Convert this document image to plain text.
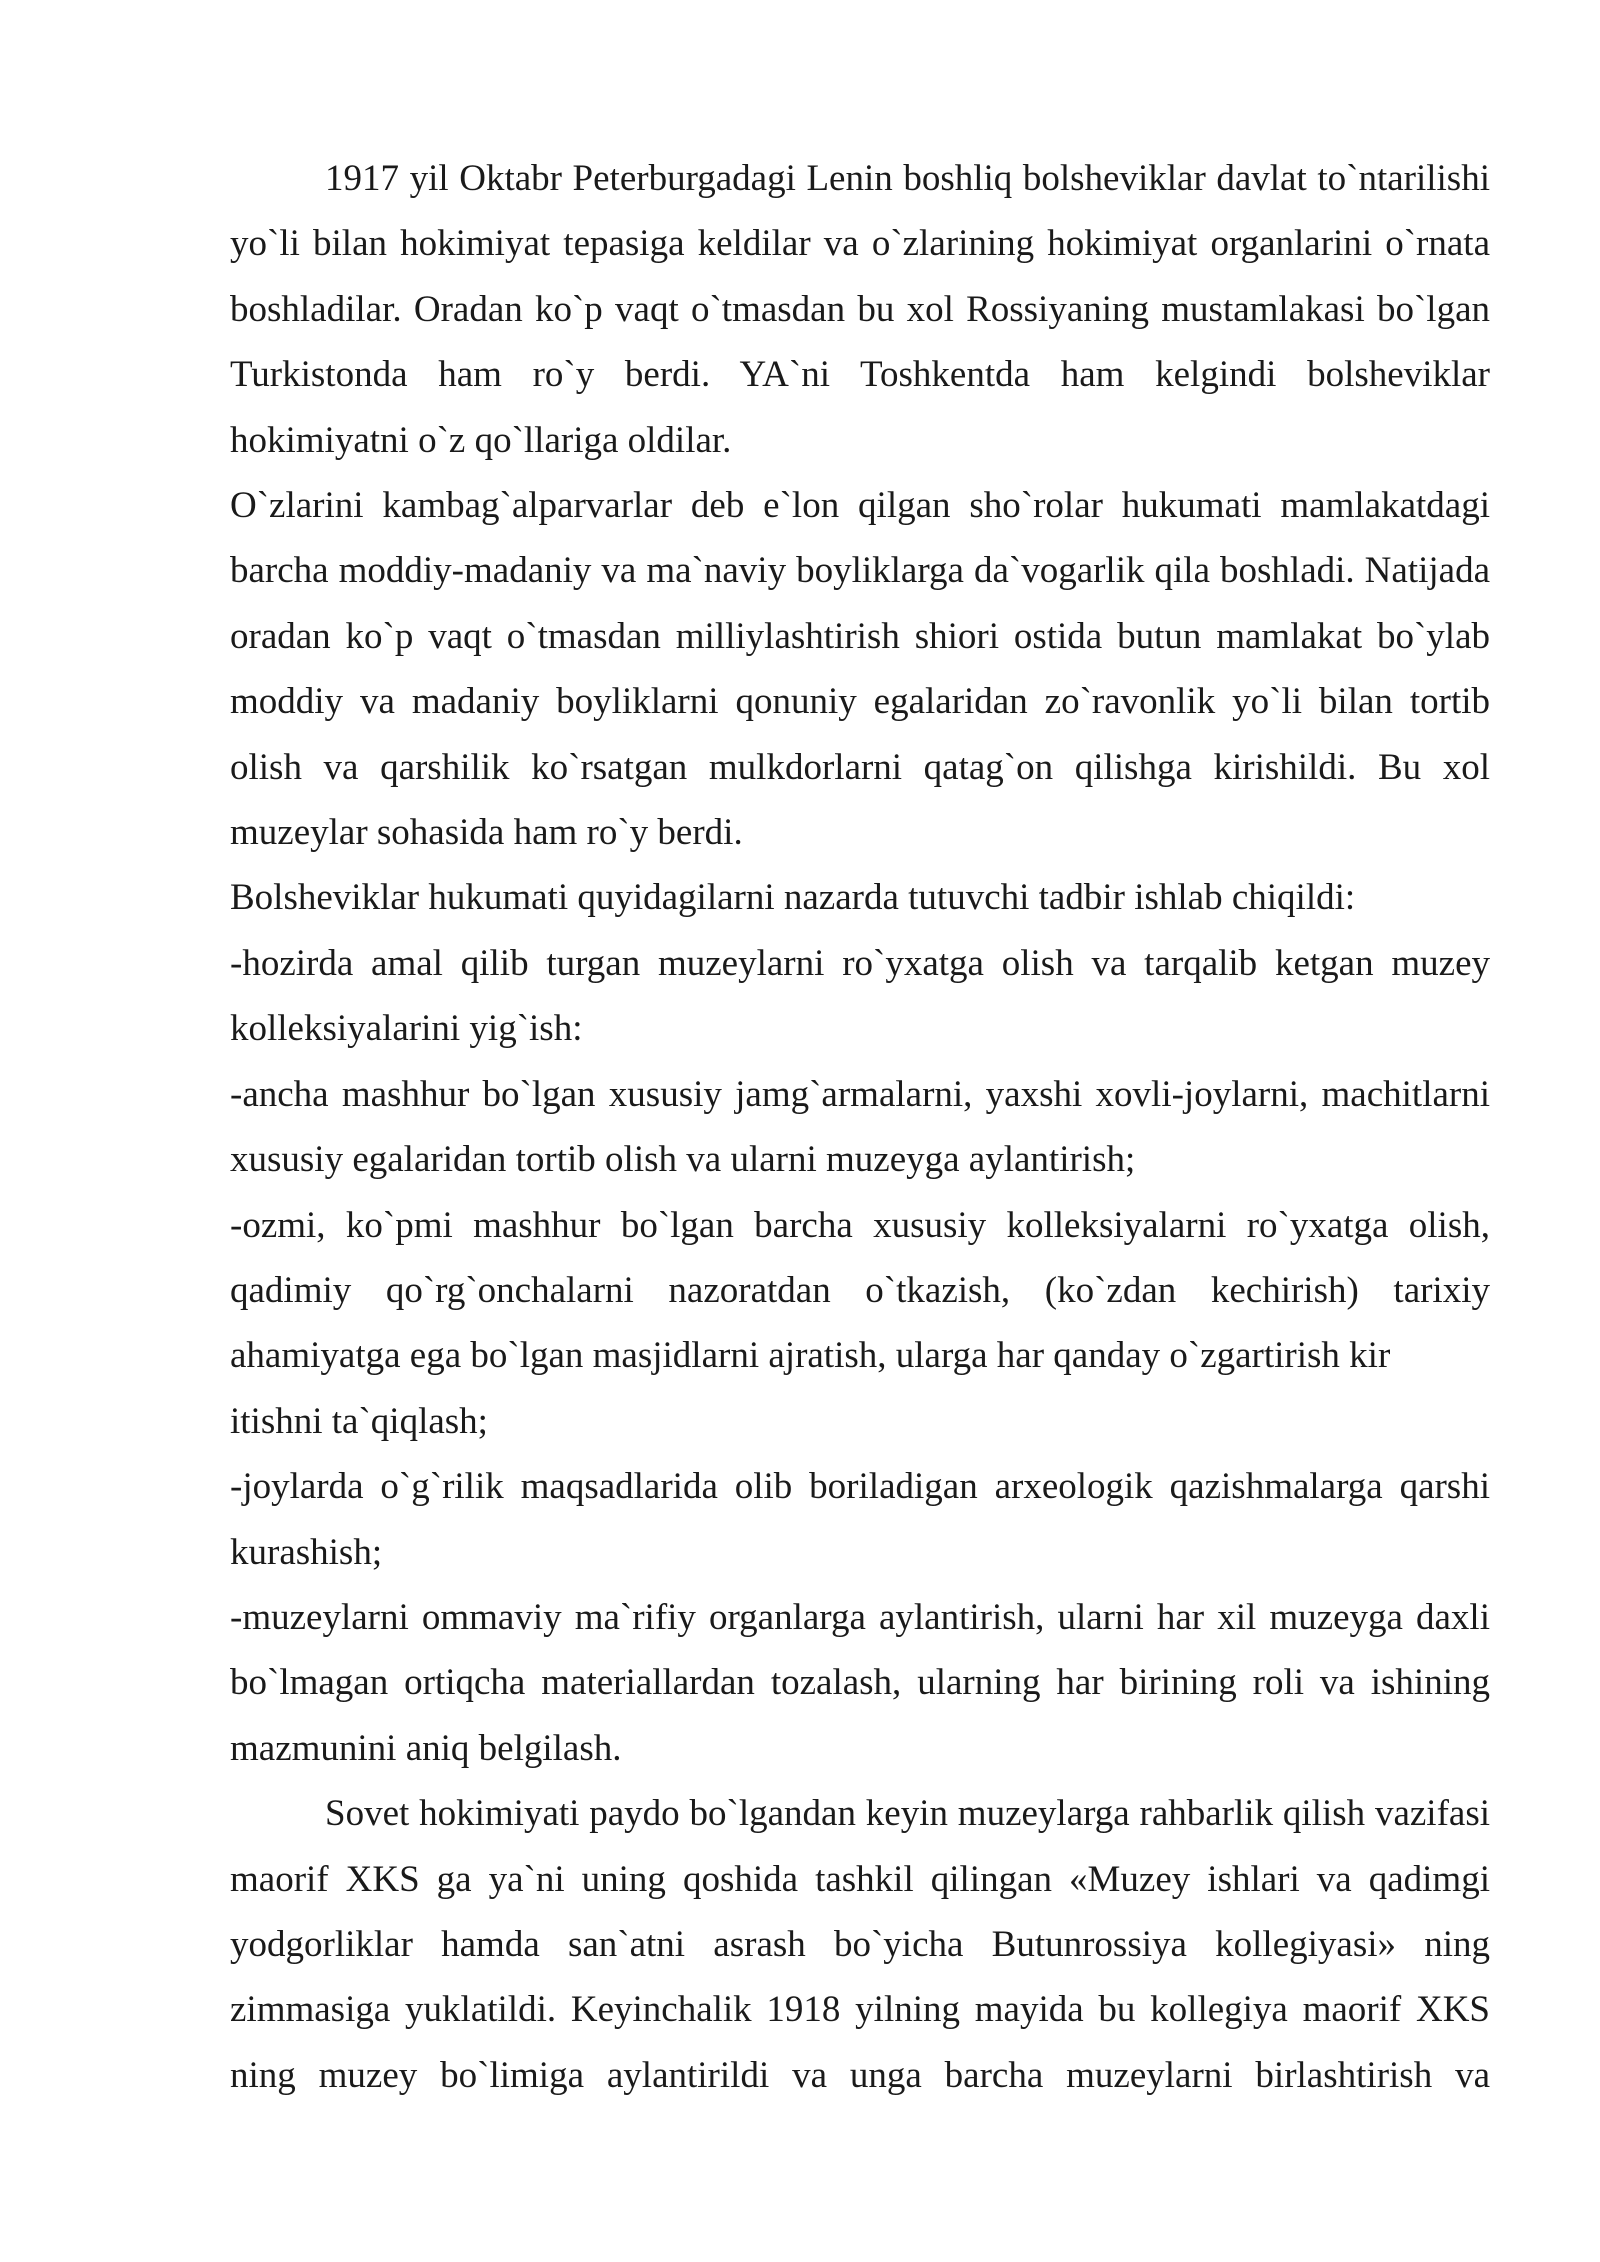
1917 yil Oktabr Peterburgadagi Lenin boshliq bolsheviklar davlat to`ntarilishi yo`li bilan hokimiyat tepasiga keldilar va o`zlarining hokimiyat organlarini o`rnata boshladilar. Oradan ko`p vaqt o`tmasdan bu xol Rossiyaning mustamlakasi bo`lgan Turkistonda ham ro`y berdi. YA`ni Toshkentda ham kelgindi bolsheviklar hokimiyatni o`z qo`llariga oldilar.

O`zlarini kambag`alparvarlar deb e`lon qilgan sho`rolar hukumati mamlakatdagi barcha moddiy-madaniy va ma`naviy boyliklarga da`vogarlik qila boshladi. Natijada oradan ko`p vaqt o`tmasdan milliylashtirish shiori ostida butun mamlakat bo`ylab moddiy va madaniy boyliklarni qonuniy egalaridan zo`ravonlik yo`li bilan tortib olish va qarshilik ko`rsatgan mulkdorlarni qatag`on qilishga kirishildi. Bu xol muzeylar sohasida ham ro`y berdi.

Bolsheviklar hukumati quyidagilarni nazarda tutuvchi tadbir ishlab chiqildi:

-hozirda amal qilib turgan muzeylarni ro`yxatga olish va tarqalib ketgan muzey kolleksiyalarini yig`ish:

-ancha mashhur bo`lgan xususiy jamg`armalarni, yaxshi xovli-joylarni, machitlarni xususiy egalaridan tortib olish va ularni muzeyga aylantirish;

-ozmi, ko`pmi mashhur bo`lgan barcha xususiy kolleksiyalarni ro`yxatga olish, qadimiy qo`rg`onchalarni nazoratdan o`tkazish, (ko`zdan kechirish) tarixiy ahamiyatga ega bo`lgan masjidlarni ajratish, ularga har qanday o`zgartirish kir

itishni ta`qiqlash;

-joylarda o`g`rilik maqsadlarida olib boriladigan arxeologik qazishmalarga qarshi kurashish;

-muzeylarni ommaviy ma`rifiy organlarga aylantirish, ularni har xil muzeyga daxli bo`lmagan ortiqcha materiallardan tozalash, ularning har birining roli va ishining mazmunini aniq belgilash.

Sovet hokimiyati paydo bo`lgandan keyin muzeylarga rahbarlik qilish vazifasi maorif XKS ga ya`ni uning qoshida tashkil qilingan «Muzey ishlari va qadimgi yodgorliklar hamda san`atni asrash bo`yicha Butunrossiya kollegiyasi» ning zimmasiga yuklatildi. Keyinchalik 1918 yilning mayida bu kollegiya maorif XKS ning muzey bo`limiga aylantirildi va unga barcha muzeylarni birlashtirish va
